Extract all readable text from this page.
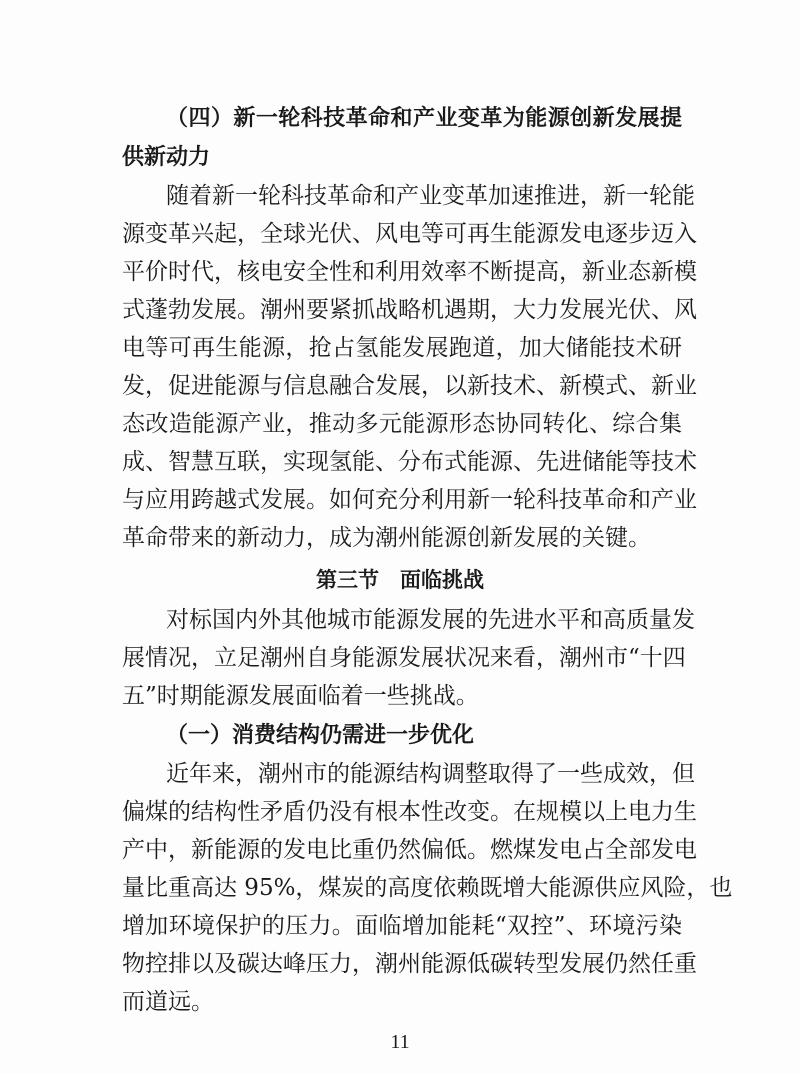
（四）新一轮科技革命和产业变革为能源创新发展提
供新动力
随着新一轮科技革命和产业变革加速推进，新一轮能
源变革兴起，全球光伏、风电等可再生能源发电逐步迈入
平价时代，核电安全性和利用效率不断提高，新业态新模
式蓬勃发展。潮州要紧抓战略机遇期，大力发展光伏、风
电等可再生能源，抢占氢能发展跑道，加大储能技术研
发，促进能源与信息融合发展，以新技术、新模式、新业
态改造能源产业，推动多元能源形态协同转化、综合集
成、智慧互联，实现氢能、分布式能源、先进储能等技术
与应用跨越式发展。如何充分利用新一轮科技革命和产业
革命带来的新动力，成为潮州能源创新发展的关键。
第三节　面临挑战
对标国内外其他城市能源发展的先进水平和高质量发
展情况，立足潮州自身能源发展状况来看，潮州市“十四
五”时期能源发展面临着一些挑战。
（一）消费结构仍需进一步优化
近年来，潮州市的能源结构调整取得了一些成效，但
偏煤的结构性矛盾仍没有根本性改变。在规模以上电力生
产中，新能源的发电比重仍然偏低。燃煤发电占全部发电
量比重高达 95%，煤炭的高度依赖既增大能源供应风险，也
增加环境保护的压力。面临增加能耗“双控”、环境污染
物控排以及碳达峰压力，潮州能源低碳转型发展仍然任重
而道远。
11
